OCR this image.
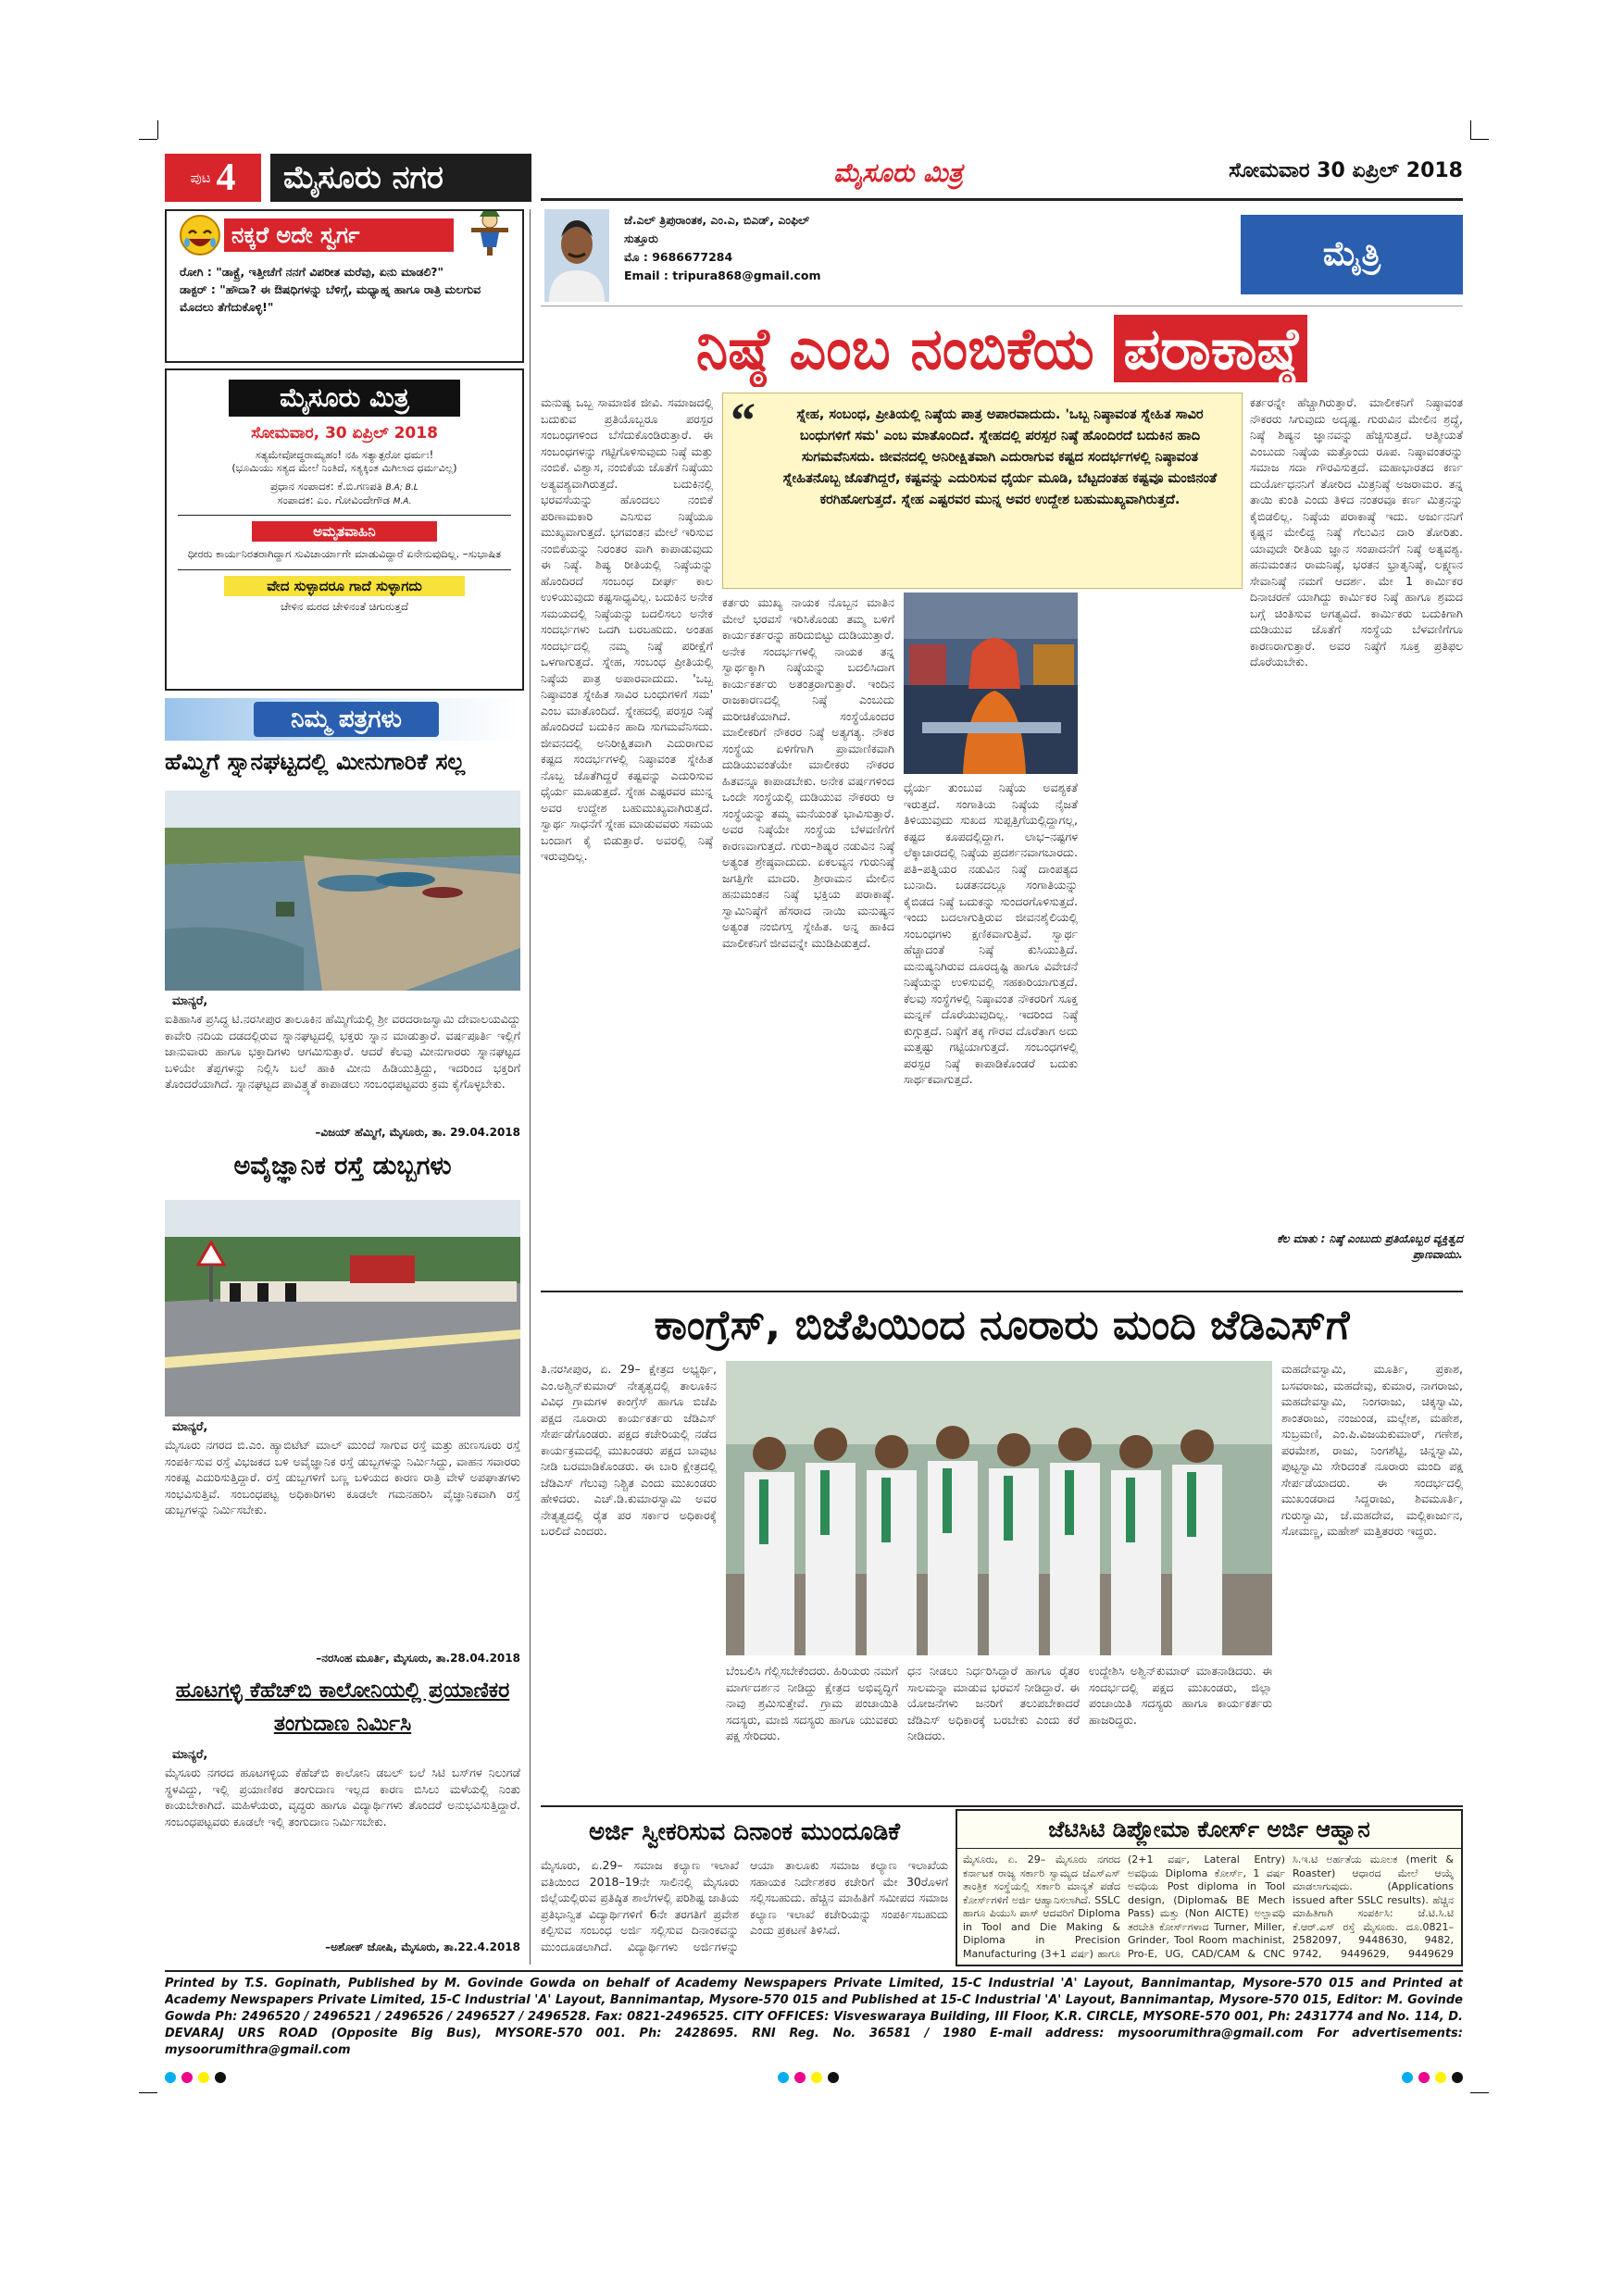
ಪುಟ 4	ಮೈಸೂರು ನಗರ	ಮೈಸೂರು ಮಿತ್ರ	ಸೋಮವಾರ 30 ಏಪ್ರಿಲ್ 2018
ನಕ್ಕರೆ ಅದೇ ಸ್ವರ್ಗ
ರೋಗಿ : "ಡಾಕ್ಟ್ರೆ, ಇತ್ತೀಚೆಗೆ ನನಗೆ ವಿಪರೀತ ಮರೆವು, ಏನು ಮಾಡಲಿ?"
ಡಾಕ್ಟರ್ : "ಹೌದಾ? ಈ ಔಷಧಿಗಳನ್ನು ಬೆಳಿಗ್ಗೆ, ಮಧ್ಯಾಹ್ನ ಹಾಗೂ ರಾತ್ರಿ ಮಲಗುವ ಮೊದಲು ತೆಗೆದುಕೊಳ್ಳಿ!"
ಮೈಸೂರು ಮಿತ್ರ
ಸೋಮವಾರ, 30 ಏಪ್ರಿಲ್ 2018
ಸತ್ಯಮೇವೋದ್ಧರಾಮ್ಯಹಂ! ನಹಿ ಸತ್ಯಾತ್ಪರೋ ಧರ್ಮಃ!
(ಭೂಮಿಯು ಸತ್ಯದ ಮೇಲೆ ನಿಂತಿದೆ, ಸತ್ಯಕ್ಕಿಂತ ಮಿಗಿಲಾದ ಧರ್ಮವಿಲ್ಲ)
ಪ್ರಧಾನ ಸಂಪಾದಕ: ಕೆ.ಬಿ.ಗಣಪತಿ B.A; B.L
ಸಂಪಾದಕ: ಎಂ. ಗೋವಿಂದೇಗೌಡ M.A.
ಅಮೃತವಾಹಿನಿ
ಧೀರರು ಕಾರ್ಯನಿರತರಾಗಿದ್ದಾಗ ಸುವಿಚಾರ್ಯಾಗೇ ಮಾಡುವಿದ್ದಾರೆ ಏನೇನುವುದಿಲ್ಲ. –ಸುಭಾಷಿತ
ವೇದ ಸುಳ್ಳಾದರೂ ಗಾದೆ ಸುಳ್ಳಾಗದು
ಚೇಳಿನ ಮರದ ಚೇಳಿನಂತೆ ಚಿಗುರುತ್ತದೆ
ನಿಮ್ಮ ಪತ್ರಗಳು
ಹೆಮ್ಮಿಗೆ ಸ್ನಾನಘಟ್ಟದಲ್ಲಿ ಮೀನುಗಾರಿಕೆ ಸಲ್ಲ
ಮಾನ್ಯರೆ,
ಐತಿಹಾಸಿಕ ಪ್ರಸಿದ್ಧ ಟಿ.ನರಸೀಪುರ ತಾಲೂಕಿನ ಹೆಮ್ಮಿಗೆಯಲ್ಲಿ ಶ್ರೀ ವರದರಾಜಸ್ವಾಮಿ ದೇವಾಲಯವಿದ್ದು ಕಾವೇರಿ ನದಿಯ ದಡದಲ್ಲಿರುವ ಸ್ನಾನಘಟ್ಟದಲ್ಲಿ ಭಕ್ತರು ಸ್ನಾನ ಮಾಡುತ್ತಾರೆ. ವರ್ಷಪೂರ್ತಿ ಇಲ್ಲಿಗೆ ಜಾನುವಾರು ಹಾಗೂ ಭಕ್ತಾದಿಗಳು ಆಗಮಿಸುತ್ತಾರೆ. ಆದರೆ ಕೆಲವು ಮೀನುಗಾರರು ಸ್ನಾನಘಟ್ಟದ ಬಳಿಯೇ ತೆಪ್ಪಗಳನ್ನು ನಿಲ್ಲಿಸಿ ಬಲೆ ಹಾಕಿ ಮೀನು ಹಿಡಿಯುತ್ತಿದ್ದು, ಇದರಿಂದ ಭಕ್ತರಿಗೆ ತೊಂದರೆಯಾಗಿದೆ. ಸ್ನಾನಘಟ್ಟದ ಪಾವಿತ್ರ್ಯತೆ ಕಾಪಾಡಲು ಸಂಬಂಧಪಟ್ಟವರು ಕ್ರಮ ಕೈಗೊಳ್ಳಬೇಕು.
–ವಿಜಯ್ ಹೆಮ್ಮಿಗೆ, ಮೈಸೂರು, ತಾ. 29.04.2018
ಅವೈಜ್ಞಾನಿಕ ರಸ್ತೆ ಡುಬ್ಬಗಳು
ಮಾನ್ಯರೆ,
ಮೈಸೂರು ನಗರದ ಬಿ.ಎಂ. ಹ್ಯಾಬಿಟೆಟ್ ಮಾಲ್ ಮುಂದೆ ಸಾಗುವ ರಸ್ತೆ ಮತ್ತು ಹುಣಸೂರು ರಸ್ತೆ ಸಂಪರ್ಕಿಸುವ ರಸ್ತೆ ವಿಭಜಕದ ಬಳಿ ಅವೈಜ್ಞಾನಿಕ ರಸ್ತೆ ಡುಬ್ಬಗಳನ್ನು ನಿರ್ಮಿಸಿದ್ದು, ವಾಹನ ಸವಾರರು ಸಂಕಷ್ಟ ಎದುರಿಸುತ್ತಿದ್ದಾರೆ. ರಸ್ತೆ ಡುಬ್ಬಗಳಿಗೆ ಬಣ್ಣ ಬಳಿಯದ ಕಾರಣ ರಾತ್ರಿ ವೇಳೆ ಅಪಘಾತಗಳು ಸಂಭವಿಸುತ್ತಿವೆ. ಸಂಬಂಧಪಟ್ಟ ಅಧಿಕಾರಿಗಳು ಕೂಡಲೇ ಗಮನಹರಿಸಿ ವೈಜ್ಞಾನಿಕವಾಗಿ ರಸ್ತೆ ಡುಬ್ಬಗಳನ್ನು ನಿರ್ಮಿಸಬೇಕು.
–ನರಸಿಂಹ ಮೂರ್ತಿ, ಮೈಸೂರು, ತಾ.28.04.2018
ಹೂಟಗಳ್ಳಿ ಕೆಹೆಚ್‌ಬಿ ಕಾಲೋನಿಯಲ್ಲಿ ಪ್ರಯಾಣಿಕರ ತಂಗುದಾಣ ನಿರ್ಮಿಸಿ
ಮಾನ್ಯರೆ,
ಮೈಸೂರು ನಗರದ ಹೂಟಗಳ್ಳಿಯ ಕೆಹೆಚ್‌ಬಿ ಕಾಲೋನಿ ಡಬಲ್ ಬಲೆ ಸಿಟಿ ಬಸ್‌ಗಳ ನಿಲುಗಡೆ ಸ್ಥಳವಿದ್ದು, ಇಲ್ಲಿ ಪ್ರಯಾಣಿಕರ ತಂಗುದಾಣ ಇಲ್ಲದ ಕಾರಣ ಬಿಸಿಲು ಮಳೆಯಲ್ಲಿ ನಿಂತು ಕಾಯಬೇಕಾಗಿದೆ. ಮಹಿಳೆಯರು, ವೃದ್ಧರು ಹಾಗೂ ವಿದ್ಯಾರ್ಥಿಗಳು ತೊಂದರೆ ಅನುಭವಿಸುತ್ತಿದ್ದಾರೆ. ಸಂಬಂಧಪಟ್ಟವರು ಕೂಡಲೇ ಇಲ್ಲಿ ತಂಗುದಾಣ ನಿರ್ಮಿಸಬೇಕು.
–ಅಶೋಕ್ ಜೋಷಿ, ಮೈಸೂರು, ತಾ.22.4.2018
ಜೆ.ಎಲ್ ತ್ರಿಪುರಾಂತಕ, ಎಂ.ಎ, ಬಿಎಡ್, ಎಂಫಿಲ್
ಸುತ್ತೂರು
ಮೊ : 9686677284
Email : tripura868@gmail.com
ಮೈತ್ರಿ
ನಿಷ್ಠೆ ಎಂಬ ನಂಬಿಕೆಯ ಪರಾಕಾಷ್ಠೆ
ಮನುಷ್ಯ ಒಬ್ಬ ಸಾಮಾಜಿಕ ಜೀವಿ. ಸಮಾಜದಲ್ಲಿ ಬದುಕುವ ಪ್ರತಿಯೊಬ್ಬರೂ ಪರಸ್ಪರ ಸಂಬಂಧಗಳಿಂದ ಬೆಸೆದುಕೊಂಡಿರುತ್ತಾರೆ. ಈ ಸಂಬಂಧಗಳನ್ನು ಗಟ್ಟಿಗೊಳಿಸುವುದು ನಿಷ್ಠೆ ಮತ್ತು ನಂಬಿಕೆ. ವಿಶ್ವಾಸ, ನಂಬಿಕೆಯ ಜೊತೆಗೆ ನಿಷ್ಠೆಯು ಅತ್ಯವಶ್ಯವಾಗಿರುತ್ತದೆ. ಬದುಕಿನಲ್ಲಿ ಭರವಸೆಯನ್ನು ಹೊಂದಲು ನಂಬಿಕೆ ಪರಿಣಾಮಕಾರಿ ಎನಿಸುವ ನಿಷ್ಠೆಯೂ ಮುಖ್ಯವಾಗುತ್ತದೆ. ಭಗವಂತನ ಮೇಲೆ ಇರಿಸುವ ನಂಬಿಕೆಯನ್ನು ನಿರಂತರ ವಾಗಿ ಕಾಪಾಡುವುದು ಈ ನಿಷ್ಠೆ. ಶಿಷ್ಯ ರೀತಿಯಲ್ಲಿ ನಿಷ್ಠೆಯನ್ನು ಹೊಂದಿರದೆ ಸಂಬಂಧ ದೀರ್ಘ ಕಾಲ ಉಳಿಯುವುದು ಕಷ್ಟಸಾಧ್ಯವಿಲ್ಲ. ಬದುಕಿನ ಅನೇಕ ಸಮಯದಲ್ಲಿ ನಿಷ್ಠೆಯನ್ನು ಬದಲಿಸಲು ಅನೇಕ ಸಂದರ್ಭಗಳು ಒದಗಿ ಬರಬಹುದು. ಅಂತಹ ಸಂದರ್ಭದಲ್ಲಿ ನಮ್ಮ ನಿಷ್ಠೆ ಪರೀಕ್ಷೆಗೆ ಒಳಗಾಗುತ್ತದೆ. ಸ್ನೇಹ, ಸಂಬಂಧ ಪ್ರೀತಿಯಲ್ಲಿ ನಿಷ್ಠೆಯ ಪಾತ್ರ ಅಪಾರವಾದುದು. 'ಒಬ್ಬ ನಿಷ್ಠಾವಂತ ಸ್ನೇಹಿತ ಸಾವಿರ ಬಂಧುಗಳಿಗೆ ಸಮ' ಎಂಬ ಮಾತೊಂದಿದೆ. ಸ್ನೇಹದಲ್ಲಿ ಪರಸ್ಪರ ನಿಷ್ಠೆ ಹೊಂದಿರದೆ ಬದುಕಿನ ಹಾದಿ ಸುಗಮವೆನಿಸದು. ಜೀವನದಲ್ಲಿ ಅನಿರೀಕ್ಷಿತವಾಗಿ ಎದುರಾಗುವ ಕಷ್ಟದ ಸಂದರ್ಭಗಳಲ್ಲಿ ನಿಷ್ಠಾವಂತ ಸ್ನೇಹಿತ ನೊಬ್ಬ ಜೊತೆಗಿದ್ದರೆ ಕಷ್ಟವನ್ನು ಎದುರಿಸುವ ಧೈರ್ಯ ಮೂಡುತ್ತದೆ. ಸ್ನೇಹ ಎಷ್ಟರವರ ಮುನ್ನ ಅವರ ಉದ್ದೇಶ ಬಹುಮುಖ್ಯವಾಗಿರುತ್ತದೆ. ಸ್ವಾರ್ಥ ಸಾಧನೆಗೆ ಸ್ನೇಹ ಮಾಡುವವರು ಸಮಯ ಬಂದಾಗ ಕೈ ಬಿಡುತ್ತಾರೆ. ಅವರಲ್ಲಿ ನಿಷ್ಠೆ ಇರುವುದಿಲ್ಲ.
“	ಸ್ನೇಹ, ಸಂಬಂಧ, ಪ್ರೀತಿಯಲ್ಲಿ ನಿಷ್ಠೆಯ ಪಾತ್ರ ಅಪಾರವಾದುದು. 'ಒಬ್ಬ ನಿಷ್ಠಾವಂತ ಸ್ನೇಹಿತ ಸಾವಿರ ಬಂಧುಗಳಿಗೆ ಸಮ' ಎಂಬ ಮಾತೊಂದಿದೆ. ಸ್ನೇಹದಲ್ಲಿ ಪರಸ್ಪರ ನಿಷ್ಠೆ ಹೊಂದಿರದೆ ಬದುಕಿನ ಹಾದಿ ಸುಗಮವೆನಿಸದು. ಜೀವನದಲ್ಲಿ ಅನಿರೀಕ್ಷಿತವಾಗಿ ಎದುರಾಗುವ ಕಷ್ಟದ ಸಂದರ್ಭಗಳಲ್ಲಿ ನಿಷ್ಠಾವಂತ ಸ್ನೇಹಿತನೊಬ್ಬ ಜೊತೆಗಿದ್ದರೆ, ಕಷ್ಟವನ್ನು ಎದುರಿಸುವ ಧೈರ್ಯ ಮೂಡಿ, ಬೆಟ್ಟದಂತಹ ಕಷ್ಟವೂ ಮಂಜಿನಂತೆ ಕರಗಿಹೋಗುತ್ತದೆ. ಸ್ನೇಹ ಎಷ್ಟರವರ ಮುನ್ನ ಅವರ ಉದ್ದೇಶ ಬಹುಮುಖ್ಯವಾಗಿರುತ್ತದೆ.
ಕರ್ತರು ಮುಖ್ಯ ನಾಯಕ ನೊಬ್ಬನ ಮಾತಿನ ಮೇಲೆ ಭರವಸೆ ಇರಿಸಿಕೊಂಡು ತಮ್ಮ ಬಳಿಗೆ ಕಾರ್ಯಕರ್ತರನ್ನು ಹರಿದುಬಿಟ್ಟು ದುಡಿಯುತ್ತಾರೆ. ಅನೇಕ ಸಂದರ್ಭಗಳಲ್ಲಿ ನಾಯಕ ತನ್ನ ಸ್ವಾರ್ಥಕ್ಕಾಗಿ ನಿಷ್ಠೆಯನ್ನು ಬದಲಿಸಿದಾಗ ಕಾರ್ಯಕರ್ತರು ಅತಂತ್ರರಾಗುತ್ತಾರೆ. ಇಂದಿನ ರಾಜಕಾರಣದಲ್ಲಿ ನಿಷ್ಠೆ ಎಂಬುದು ಮರೀಚಿಕೆಯಾಗಿದೆ. ಸಂಸ್ಥೆಯೊಂದರ ಮಾಲೀಕರಿಗೆ ನೌಕರರ ನಿಷ್ಠೆ ಅತ್ಯಗತ್ಯ. ನೌಕರ ಸಂಸ್ಥೆಯ ಏಳಿಗೆಗಾಗಿ ಪ್ರಾಮಾಣಿಕವಾಗಿ ದುಡಿಯುವಂತೆಯೇ ಮಾಲೀಕರು ನೌಕರರ ಹಿತವನ್ನೂ ಕಾಪಾಡಬೇಕು. ಅನೇಕ ವರ್ಷಗಳಿಂದ ಒಂದೇ ಸಂಸ್ಥೆಯಲ್ಲಿ ದುಡಿಯುವ ನೌಕರರು ಆ ಸಂಸ್ಥೆಯನ್ನು ತಮ್ಮ ಮನೆಯಂತೆ ಭಾವಿಸುತ್ತಾರೆ. ಅವರ ನಿಷ್ಠೆಯೇ ಸಂಸ್ಥೆಯ ಬೆಳವಣಿಗೆಗೆ ಕಾರಣವಾಗುತ್ತದೆ. ಗುರು–ಶಿಷ್ಯರ ನಡುವಿನ ನಿಷ್ಠೆ ಅತ್ಯಂತ ಶ್ರೇಷ್ಠವಾದುದು. ಏಕಲವ್ಯನ ಗುರುನಿಷ್ಠೆ ಜಗತ್ತಿಗೇ ಮಾದರಿ. ಶ್ರೀರಾಮನ ಮೇಲಿನ ಹನುಮಂತನ ನಿಷ್ಠೆ ಭಕ್ತಿಯ ಪರಾಕಾಷ್ಠೆ. ಸ್ವಾಮಿನಿಷ್ಠೆಗೆ ಹೆಸರಾದ ನಾಯಿ ಮನುಷ್ಯನ ಅತ್ಯಂತ ನಂಬಿಗಸ್ತ ಸ್ನೇಹಿತ. ಅನ್ನ ಹಾಕಿದ ಮಾಲೀಕನಿಗೆ ಜೀವವನ್ನೇ ಮುಡಿಪಿಡುತ್ತದೆ.
ಧೈರ್ಯ ತುಂಬುವ ನಿಷ್ಠೆಯ ಅವಶ್ಯಕತೆ ಇರುತ್ತದೆ. ಸಂಗಾತಿಯ ನಿಷ್ಠೆಯ ನೈಜತೆ ತಿಳಿಯುವುದು ಸುಖದ ಸುಪ್ಪತ್ತಿಗೆಯಲ್ಲಿದ್ದಾಗಲ್ಲ, ಕಷ್ಟದ ಕೂಪದಲ್ಲಿದ್ದಾಗ. ಲಾಭ–ನಷ್ಟಗಳ ಲೆಕ್ಕಾಚಾರದಲ್ಲಿ ನಿಷ್ಠೆಯ ಪ್ರದರ್ಶನವಾಗಬಾರದು. ಪತಿ–ಪತ್ನಿಯರ ನಡುವಿನ ನಿಷ್ಠೆ ದಾಂಪತ್ಯದ ಬುನಾದಿ. ಬಡತನದಲ್ಲೂ ಸಂಗಾತಿಯನ್ನು ಕೈಬಿಡದ ನಿಷ್ಠೆ ಬದುಕನ್ನು ಸುಂದರಗೊಳಿಸುತ್ತದೆ. ಇಂದು ಬದಲಾಗುತ್ತಿರುವ ಜೀವನಶೈಲಿಯಲ್ಲಿ ಸಂಬಂಧಗಳು ಕ್ಷಣಿಕವಾಗುತ್ತಿವೆ. ಸ್ವಾರ್ಥ ಹೆಚ್ಚಾದಂತೆ ನಿಷ್ಠೆ ಕುಸಿಯುತ್ತಿದೆ. ಮನುಷ್ಯನಿಗಿರುವ ದೂರದೃಷ್ಟಿ ಹಾಗೂ ವಿವೇಚನೆ ನಿಷ್ಠೆಯನ್ನು ಉಳಿಸುವಲ್ಲಿ ಸಹಕಾರಿಯಾಗುತ್ತದೆ. ಕೆಲವು ಸಂಸ್ಥೆಗಳಲ್ಲಿ ನಿಷ್ಠಾವಂತ ನೌಕರರಿಗೆ ಸೂಕ್ತ ಮನ್ನಣೆ ದೊರೆಯುವುದಿಲ್ಲ. ಇದರಿಂದ ನಿಷ್ಠೆ ಕುಗ್ಗುತ್ತದೆ. ನಿಷ್ಠೆಗೆ ತಕ್ಕ ಗೌರವ ದೊರೆತಾಗ ಅದು ಮತ್ತಷ್ಟು ಗಟ್ಟಿಯಾಗುತ್ತದೆ. ಸಂಬಂಧಗಳಲ್ಲಿ ಪರಸ್ಪರ ನಿಷ್ಠೆ ಕಾಪಾಡಿಕೊಂಡರೆ ಬದುಕು ಸಾರ್ಥಕವಾಗುತ್ತದೆ.
ಕರ್ತರನ್ನೇ ಹೆಚ್ಚಾಗಿರುತ್ತಾರೆ. ಮಾಲೀಕನಿಗೆ ನಿಷ್ಠಾವಂತ ನೌಕರರು ಸಿಗುವುದು ಅದೃಷ್ಟ. ಗುರುವಿನ ಮೇಲಿನ ಶ್ರದ್ಧೆ, ನಿಷ್ಠೆ ಶಿಷ್ಯನ ಜ್ಞಾನವನ್ನು ಹೆಚ್ಚಿಸುತ್ತದೆ. ಆತ್ಮೀಯತೆ ಎಂಬುದು ನಿಷ್ಠೆಯ ಮತ್ತೊಂದು ರೂಪ. ನಿಷ್ಠಾವಂತರನ್ನು ಸಮಾಜ ಸದಾ ಗೌರವಿಸುತ್ತದೆ. ಮಹಾಭಾರತದ ಕರ್ಣ ದುರ್ಯೋಧನನಿಗೆ ತೋರಿದ ಮಿತ್ರನಿಷ್ಠೆ ಅಜರಾಮರ. ತನ್ನ ತಾಯಿ ಕುಂತಿ ಎಂದು ತಿಳಿದ ನಂತರವೂ ಕರ್ಣ ಮಿತ್ರನನ್ನು ಕೈಬಿಡಲಿಲ್ಲ. ನಿಷ್ಠೆಯ ಪರಾಕಾಷ್ಠೆ ಇದು. ಅರ್ಜುನನಿಗೆ ಕೃಷ್ಣನ ಮೇಲಿದ್ದ ನಿಷ್ಠೆ ಗೆಲುವಿನ ದಾರಿ ತೋರಿತು. ಯಾವುದೇ ರೀತಿಯ ಜ್ಞಾನ ಸಂಪಾದನೆಗೆ ನಿಷ್ಠೆ ಅತ್ಯವಶ್ಯ. ಹನುಮಂತನ ರಾಮನಿಷ್ಠೆ, ಭರತನ ಭ್ರಾತೃನಿಷ್ಠೆ, ಲಕ್ಷ್ಮಣನ ಸೇವಾನಿಷ್ಠೆ ನಮಗೆ ಆದರ್ಶ. ಮೇ 1 ಕಾರ್ಮಿಕರ ದಿನಾಚರಣೆ ಯಾಗಿದ್ದು ಕಾರ್ಮಿಕರ ನಿಷ್ಠೆ ಹಾಗೂ ಶ್ರಮದ ಬಗ್ಗೆ ಚಿಂತಿಸುವ ಅಗತ್ಯವಿದೆ. ಕಾರ್ಮಿಕರು ಬದುಕಿಗಾಗಿ ದುಡಿಯುವ ಜೊತೆಗೆ ಸಂಸ್ಥೆಯ ಬೆಳವಣಿಗೆಗೂ ಕಾರಣರಾಗುತ್ತಾರೆ. ಅವರ ನಿಷ್ಠೆಗೆ ಸೂಕ್ತ ಪ್ರತಿಫಲ ದೊರೆಯಬೇಕು.
ಕೆಲ ಮಾತು : ನಿಷ್ಠೆ ಎಂಬುದು ಪ್ರತಿಯೊಬ್ಬರ ವ್ಯಕ್ತಿತ್ವದ ಪ್ರಾಣವಾಯು.
ಕಾಂಗ್ರೆಸ್, ಬಿಜೆಪಿಯಿಂದ ನೂರಾರು ಮಂದಿ ಜೆಡಿಎಸ್‌ಗೆ
ತಿ.ನರಸೀಪುರ, ಏ. 29– ಕ್ಷೇತ್ರದ ಅಭ್ಯರ್ಥಿ, ಎಂ.ಅಶ್ವಿನ್‌ಕುಮಾರ್ ನೇತೃತ್ವದಲ್ಲಿ ತಾಲೂಕಿನ ವಿವಿಧ ಗ್ರಾಮಗಳ ಕಾಂಗ್ರೆಸ್ ಹಾಗೂ ಬಿಜೆಪಿ ಪಕ್ಷದ ನೂರಾರು ಕಾರ್ಯಕರ್ತರು ಜೆಡಿಎಸ್ ಸೇರ್ಪಡೆಗೊಂಡರು. ಪಕ್ಷದ ಕಚೇರಿಯಲ್ಲಿ ನಡೆದ ಕಾರ್ಯಕ್ರಮದಲ್ಲಿ ಮುಖಂಡರು ಪಕ್ಷದ ಬಾವುಟ ನೀಡಿ ಬರಮಾಡಿಕೊಂಡರು. ಈ ಬಾರಿ ಕ್ಷೇತ್ರದಲ್ಲಿ ಜೆಡಿಎಸ್ ಗೆಲುವು ನಿಶ್ಚಿತ ಎಂದು ಮುಖಂಡರು ಹೇಳಿದರು. ಎಚ್.ಡಿ.ಕುಮಾರಸ್ವಾಮಿ ಅವರ ನೇತೃತ್ವದಲ್ಲಿ ರೈತ ಪರ ಸರ್ಕಾರ ಅಧಿಕಾರಕ್ಕೆ ಬರಲಿದೆ ಎಂದರು.
ಮಹದೇವಸ್ವಾಮಿ, ಮೂರ್ತಿ, ಪ್ರಕಾಶ, ಬಸವರಾಜು, ಮಹದೇವು, ಕುಮಾರ, ನಾಗರಾಜು, ಮಹದೇವಸ್ವಾಮಿ, ನಿಂಗರಾಜು, ಚಿಕ್ಕಸ್ವಾಮಿ, ಶಾಂತರಾಜು, ನಂಜುಂಡ, ಮಲ್ಲೇಶ, ಮಹೇಶ, ಸುಬ್ರಮಣಿ, ಎಂ.ಪಿ.ವಿಜಯಕುಮಾರ್, ಗಣೇಶ, ಪರಮೇಶ, ರಾಜು, ನಿಂಗಶೆಟ್ಟಿ, ಚಿನ್ನಸ್ವಾಮಿ, ಪುಟ್ಟಸ್ವಾಮಿ ಸೇರಿದಂತೆ ನೂರಾರು ಮಂದಿ ಪಕ್ಷ ಸೇರ್ಪಡೆಯಾದರು. ಈ ಸಂದರ್ಭದಲ್ಲಿ ಮುಖಂಡರಾದ ಸಿದ್ದರಾಜು, ಶಿವಮೂರ್ತಿ, ಗುರುಸ್ವಾಮಿ, ಜೆ.ಮಹದೇವ, ಮಲ್ಲಿಕಾರ್ಜುನ, ಸೋಮಣ್ಣ, ಮಹೇಶ್ ಮತ್ತಿತರರು ಇದ್ದರು.
ಬೆಂಬಲಿಸಿ ಗೆಲ್ಲಿಸಬೇಕೆಂದರು. ಹಿರಿಯರು ನಮಗೆ ಮಾರ್ಗದರ್ಶನ ನೀಡಿದ್ದು ಕ್ಷೇತ್ರದ ಅಭಿವೃದ್ಧಿಗೆ ನಾವು ಶ್ರಮಿಸುತ್ತೇವೆ. ಗ್ರಾಮ ಪಂಚಾಯಿತಿ ಸದಸ್ಯರು, ಮಾಜಿ ಸದಸ್ಯರು ಹಾಗೂ ಯುವಕರು ಪಕ್ಷ ಸೇರಿದರು.
ಧನ ನೀಡಲು ನಿರ್ಧರಿಸಿದ್ದಾರೆ ಹಾಗೂ ರೈತರ ಸಾಲಮನ್ನಾ ಮಾಡುವ ಭರವಸೆ ನೀಡಿದ್ದಾರೆ. ಈ ಯೋಜನೆಗಳು ಜನರಿಗೆ ತಲುಪಬೇಕಾದರೆ ಜೆಡಿಎಸ್ ಅಧಿಕಾರಕ್ಕೆ ಬರಬೇಕು ಎಂದು ಕರೆ ನೀಡಿದರು.
ಉದ್ದೇಶಿಸಿ ಅಶ್ವಿನ್‌ಕುಮಾರ್ ಮಾತನಾಡಿದರು. ಈ ಸಂದರ್ಭದಲ್ಲಿ ಪಕ್ಷದ ಮುಖಂಡರು, ಜಿಲ್ಲಾ ಪಂಚಾಯಿತಿ ಸದಸ್ಯರು ಹಾಗೂ ಕಾರ್ಯಕರ್ತರು ಹಾಜರಿದ್ದರು.
ಅರ್ಜಿ ಸ್ವೀಕರಿಸುವ ದಿನಾಂಕ ಮುಂದೂಡಿಕೆ
ಮೈಸೂರು, ಏ.29– ಸಮಾಜ ಕಲ್ಯಾಣ ಇಲಾಖೆ ವತಿಯಿಂದ 2018–19ನೇ ಸಾಲಿನಲ್ಲಿ ಮೈಸೂರು ಜಿಲ್ಲೆಯಲ್ಲಿರುವ ಪ್ರತಿಷ್ಠಿತ ಶಾಲೆಗಳಲ್ಲಿ ಪರಿಶಿಷ್ಟ ಜಾತಿಯ ಪ್ರತಿಭಾನ್ವಿತ ವಿದ್ಯಾರ್ಥಿಗಳಿಗೆ 6ನೇ ತರಗತಿಗೆ ಪ್ರವೇಶ ಕಲ್ಪಿಸುವ ಸಂಬಂಧ ಅರ್ಜಿ ಸಲ್ಲಿಸುವ ದಿನಾಂಕವನ್ನು ಮುಂದೂಡಲಾಗಿದೆ. ವಿದ್ಯಾರ್ಥಿಗಳು ಅರ್ಜಿಗಳನ್ನು ಆಯಾ ತಾಲೂಕು ಸಮಾಜ ಕಲ್ಯಾಣ ಇಲಾಖೆಯ ಸಹಾಯಕ ನಿರ್ದೇಶಕರ ಕಚೇರಿಗೆ ಮೇ 30ರೊಳಗೆ ಸಲ್ಲಿಸಬಹುದು. ಹೆಚ್ಚಿನ ಮಾಹಿತಿಗೆ ಸಮೀಪದ ಸಮಾಜ ಕಲ್ಯಾಣ ಇಲಾಖೆ ಕಚೇರಿಯನ್ನು ಸಂಪರ್ಕಿಸಬಹುದು ಎಂದು ಪ್ರಕಟಣೆ ತಿಳಿಸಿದೆ.
ಜೆಟಿಸಿಟಿ ಡಿಪ್ಲೋಮಾ ಕೋರ್ಸ್ ಅರ್ಜಿ ಆಹ್ವಾನ
ಮೈಸೂರು, ಏ. 29– ಮೈಸೂರು ನಗರದ ಕರ್ನಾಟಕ ರಾಜ್ಯ ಸರ್ಕಾರಿ ಸ್ವಾಮ್ಯದ ಜೆಎಸ್‌ಎಸ್ ತಾಂತ್ರಿಕ ಸಂಸ್ಥೆಯಲ್ಲಿ ಸರ್ಕಾರಿ ಮಾನ್ಯತೆ ಪಡೆದ ಕೋರ್ಸ್‌ಗಳಿಗೆ ಅರ್ಜಿ ಆಹ್ವಾನಿಸಲಾಗಿದೆ. SSLC ಹಾಗೂ ಪಿಯುಸಿ ಪಾಸ್ ಆದವರಿಗೆ Diploma in Tool and Die Making & Diploma in Precision Manufacturing (3+1 ವರ್ಷ) ಹಾಗೂ
(2+1 ವರ್ಷ, Lateral Entry) ಅವಧಿಯ Diploma ಕೋರ್ಸ್, 1 ವರ್ಷ ಅವಧಿಯ Post diploma in Tool design, (Diploma& BE Mech Pass) ಮತ್ತು (Non AICTE) ಅಲ್ಪಾವಧಿ ತರಬೇತಿ ಕೋರ್ಸ್‌ಗಳಾದ Turner, Miller, Grinder, Tool Room machinist, Pro-E, UG, CAD/CAM & CNC
ಸಿ.ಇ.ಟಿ ಅರ್ಹತೆಯ ಮೂಲಕ (merit & Roaster) ಆಧಾರದ ಮೇಲೆ ಆಯ್ಕೆ ಮಾಡಲಾಗುವುದು. (Applications issued after SSLC results). ಹೆಚ್ಚಿನ ಮಾಹಿತಿಗಾಗಿ ಸಂಪರ್ಕಿಸಿ: ಜೆ.ಟಿ.ಸಿ.ಟಿ ಕೆ.ಆರ್.ಎಸ್ ರಸ್ತೆ ಮೈಸೂರು. ದೂ.0821–2582097, 9448630, 9482, 9742, 9449629, 9449629
Printed by T.S. Gopinath, Published by M. Govinde Gowda on behalf of Academy Newspapers Private Limited, 15-C Industrial 'A' Layout, Bannimantap, Mysore-570 015 and Printed at Academy Newspapers Private Limited, 15-C Industrial 'A' Layout, Bannimantap, Mysore-570 015 and Published at 15-C Industrial 'A' Layout, Bannimantap, Mysore-570 015, Editor: M. Govinde Gowda Ph: 2496520 / 2496521 / 2496526 / 2496527 / 2496528. Fax: 0821-2496525. CITY OFFICES: Visveswaraya Building, III Floor, K.R. CIRCLE, MYSORE-570 001, Ph: 2431774 and No. 114, D. DEVARAJ URS ROAD (Opposite Big Bus), MYSORE-570 001. Ph: 2428695. RNI Reg. No. 36581 / 1980 E-mail address: mysoorumithra@gmail.com For advertisements: mysoorumithra@gmail.com
